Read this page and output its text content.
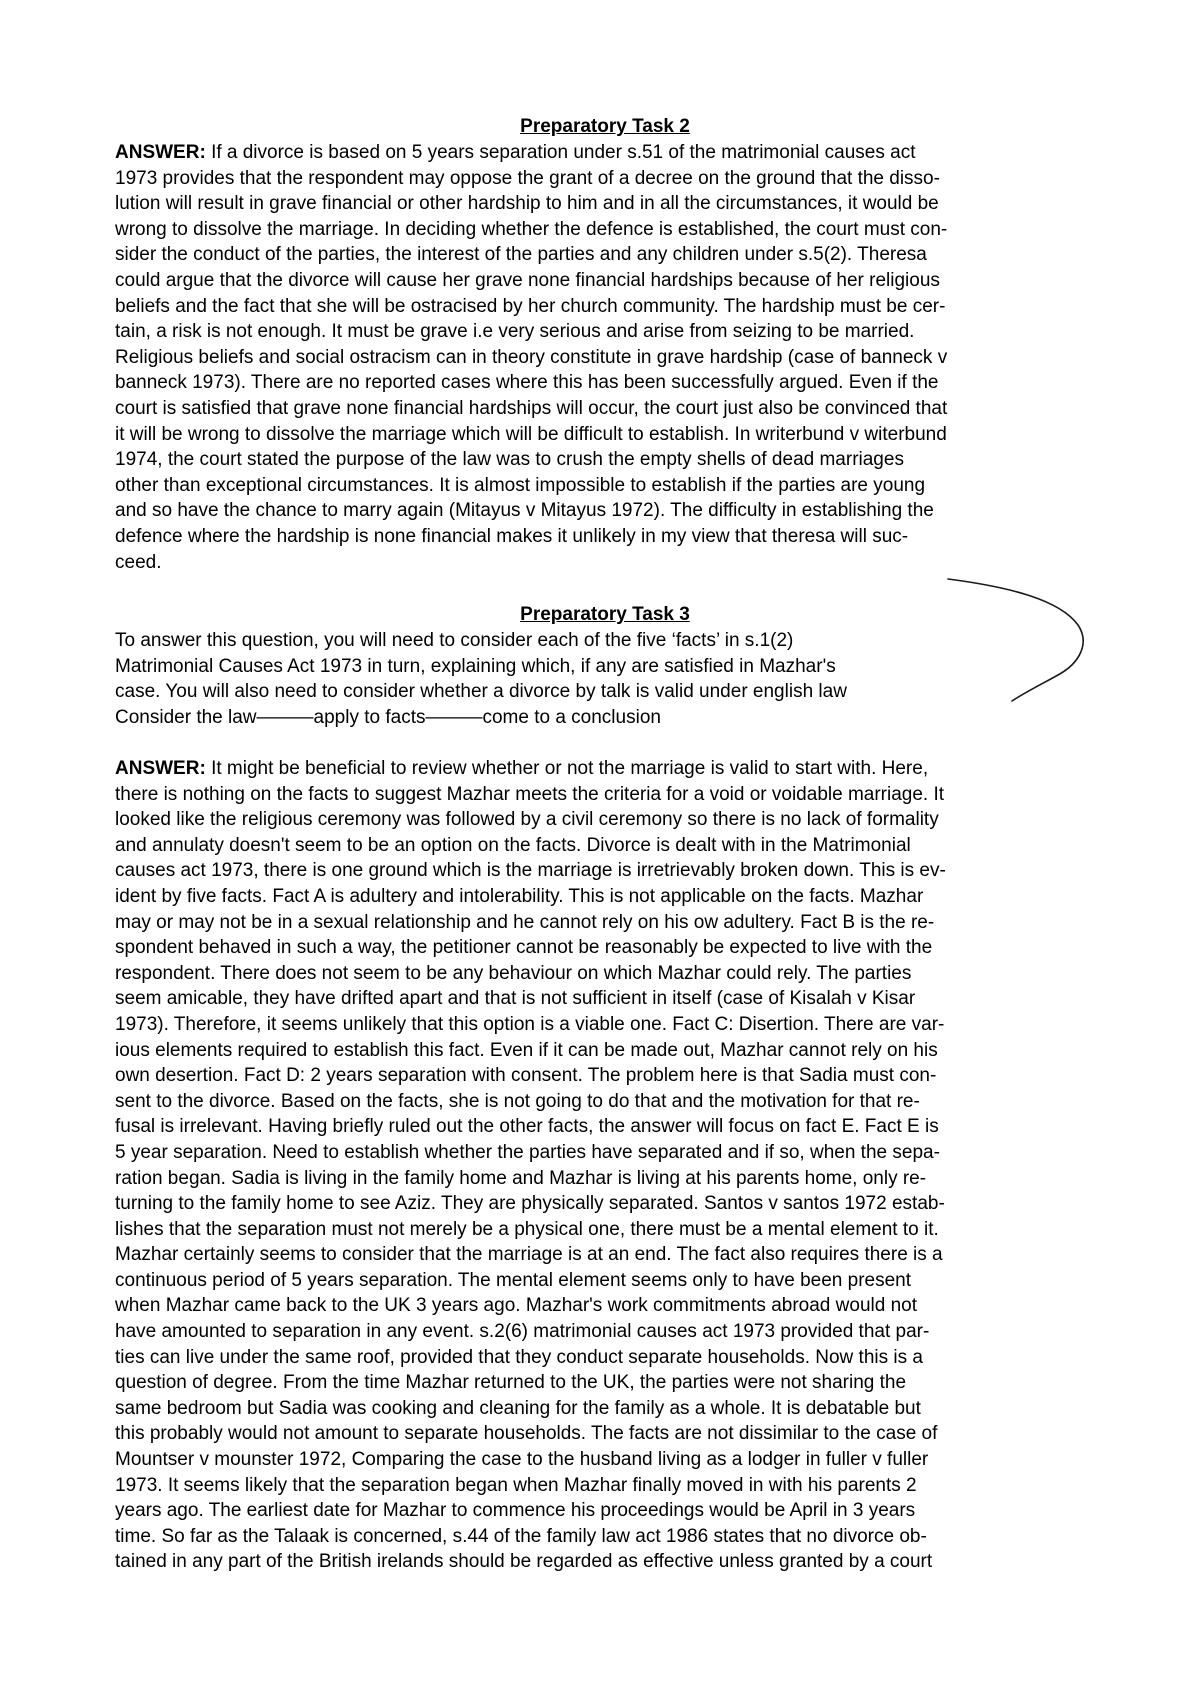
Preparatory Task 2
ANSWER: If a divorce is based on 5 years separation under s.51 of the matrimonial causes act
1973 provides that the respondent may oppose the grant of a decree on the ground that the disso-
lution will result in grave financial or other hardship to him and in all the circumstances, it would be
wrong to dissolve the marriage. In deciding whether the defence is established, the court must con-
sider the conduct of the parties, the interest of the parties and any children under s.5(2). Theresa
could argue that the divorce will cause her grave none financial hardships because of her religious
beliefs and the fact that she will be ostracised by her church community. The hardship must be cer-
tain, a risk is not enough. It must be grave i.e very serious and arise from seizing to be married.
Religious beliefs and social ostracism can in theory constitute in grave hardship (case of banneck v
banneck 1973). There are no reported cases where this has been successfully argued. Even if the
court is satisfied that grave none financial hardships will occur, the court just also be convinced that
it will be wrong to dissolve the marriage which will be difficult to establish. In writerbund v witerbund
1974, the court stated the purpose of the law was to crush the empty shells of dead marriages
other than exceptional circumstances. It is almost impossible to establish if the parties are young
and so have the chance to marry again (Mitayus v Mitayus 1972). The difficulty in establishing the
defence where the hardship is none financial makes it unlikely in my view that theresa will suc-
ceed.
Preparatory Task 3
To answer this question, you will need to consider each of the five ‘facts’ in s.1(2)
Matrimonial Causes Act 1973 in turn, explaining which, if any are satisfied in Mazhar's
case. You will also need to consider whether a divorce by talk is valid under english law
Consider the law———apply to facts———come to a conclusion
ANSWER: It might be beneficial to review whether or not the marriage is valid to start with. Here,
there is nothing on the facts to suggest Mazhar meets the criteria for a void or voidable marriage. It
looked like the religious ceremony was followed by a civil ceremony so there is no lack of formality
and annulaty doesn't seem to be an option on the facts. Divorce is dealt with in the Matrimonial
causes act 1973, there is one ground which is the marriage is irretrievably broken down. This is ev-
ident by five facts. Fact A is adultery and intolerability. This is not applicable on the facts. Mazhar
may or may not be in a sexual relationship and he cannot rely on his ow adultery. Fact B is the re-
spondent behaved in such a way, the petitioner cannot be reasonably be expected to live with the
respondent. There does not seem to be any behaviour on which Mazhar could rely. The parties
seem amicable, they have drifted apart and that is not sufficient in itself (case of Kisalah v Kisar
1973). Therefore, it seems unlikely that this option is a viable one. Fact C: Disertion. There are var-
ious elements required to establish this fact. Even if it can be made out, Mazhar cannot rely on his
own desertion. Fact D: 2 years separation with consent. The problem here is that Sadia must con-
sent to the divorce. Based on the facts, she is not going to do that and the motivation for that re-
fusal is irrelevant. Having briefly ruled out the other facts, the answer will focus on fact E. Fact E is
5 year separation. Need to establish whether the parties have separated and if so, when the sepa-
ration began. Sadia is living in the family home and Mazhar is living at his parents home, only re-
turning to the family home to see Aziz. They are physically separated. Santos v santos 1972 estab-
lishes that the separation must not merely be a physical one, there must be a mental element to it.
Mazhar certainly seems to consider that the marriage is at an end. The fact also requires there is a
continuous period of 5 years separation. The mental element seems only to have been present
when Mazhar came back to the UK 3 years ago. Mazhar's work commitments abroad would not
have amounted to separation in any event. s.2(6) matrimonial causes act 1973 provided that par-
ties can live under the same roof, provided that they conduct separate households. Now this is a
question of degree. From the time Mazhar returned to the UK, the parties were not sharing the
same bedroom but Sadia was cooking and cleaning for the family as a whole. It is debatable but
this probably would not amount to separate households. The facts are not dissimilar to the case of
Mountser v mounster 1972, Comparing the case to the husband living as a lodger in fuller v fuller
1973. It seems likely that the separation began when Mazhar finally moved in with his parents 2
years ago. The earliest date for Mazhar to commence his proceedings would be April in 3 years
time. So far as the Talaak is concerned, s.44 of the family law act 1986 states that no divorce ob-
tained in any part of the British irelands should be regarded as effective unless granted by a court
